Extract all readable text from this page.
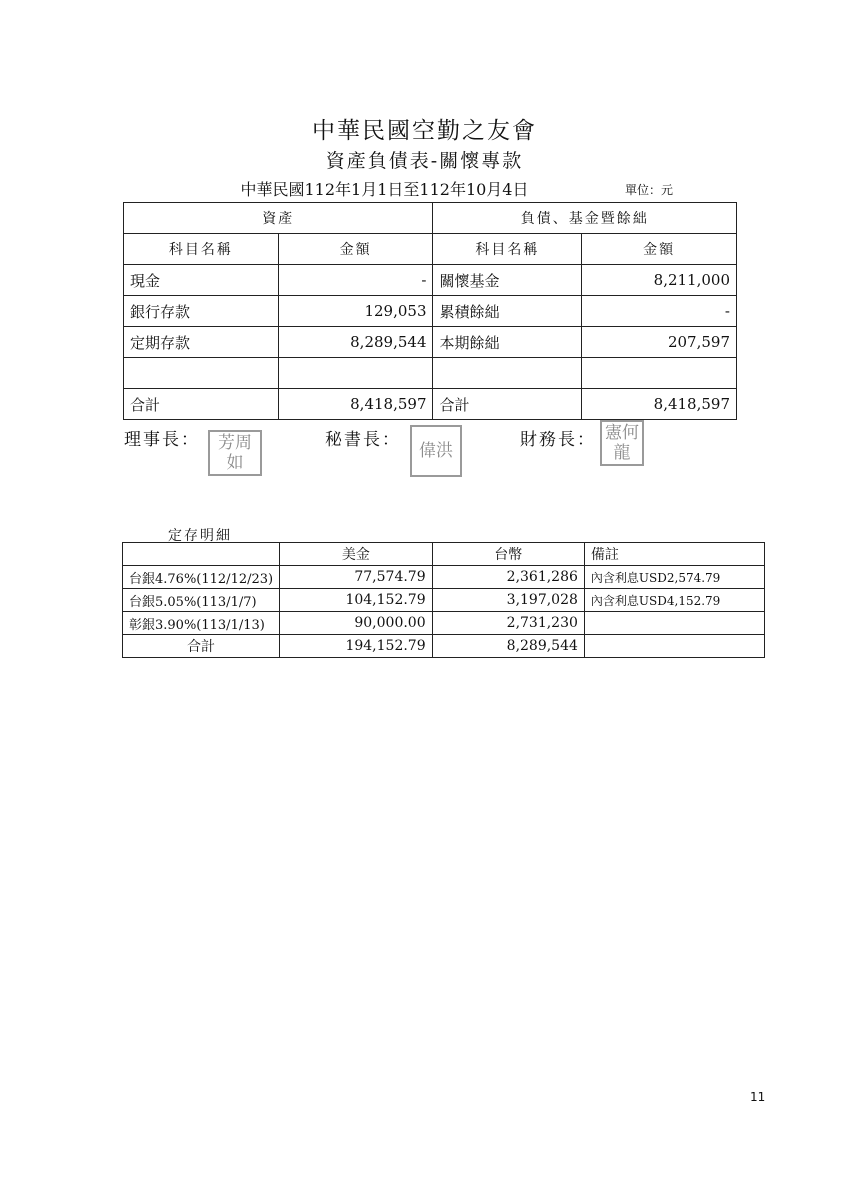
中華民國空勤之友會
資產負債表-關懷專款
中華民國112年1月1日至112年10月4日	單位：元
資產		負債、基金暨餘絀	
科目名稱	金額	科目名稱	金額
現金	-	關懷基金	8,211,000
銀行存款	129,053	累積餘絀	-
定期存款	8,289,544	本期餘絀	207,597

合計	8,418,597	合計	8,418,597
理事長： 芳周
如
秘書長：
偉洪
財務長： 憲何
龍
定存明細
	美金	台幣	備註
台銀4.76%(112/12/23)	77,574.79	2,361,286	內含利息USD2,574.79
台銀5.05%(113/1/7)	104,152.79	3,197,028	內含利息USD4,152.79
彰銀3.90%(113/1/13)	90,000.00	2,731,230	
合計	194,152.79	8,289,544	
11
